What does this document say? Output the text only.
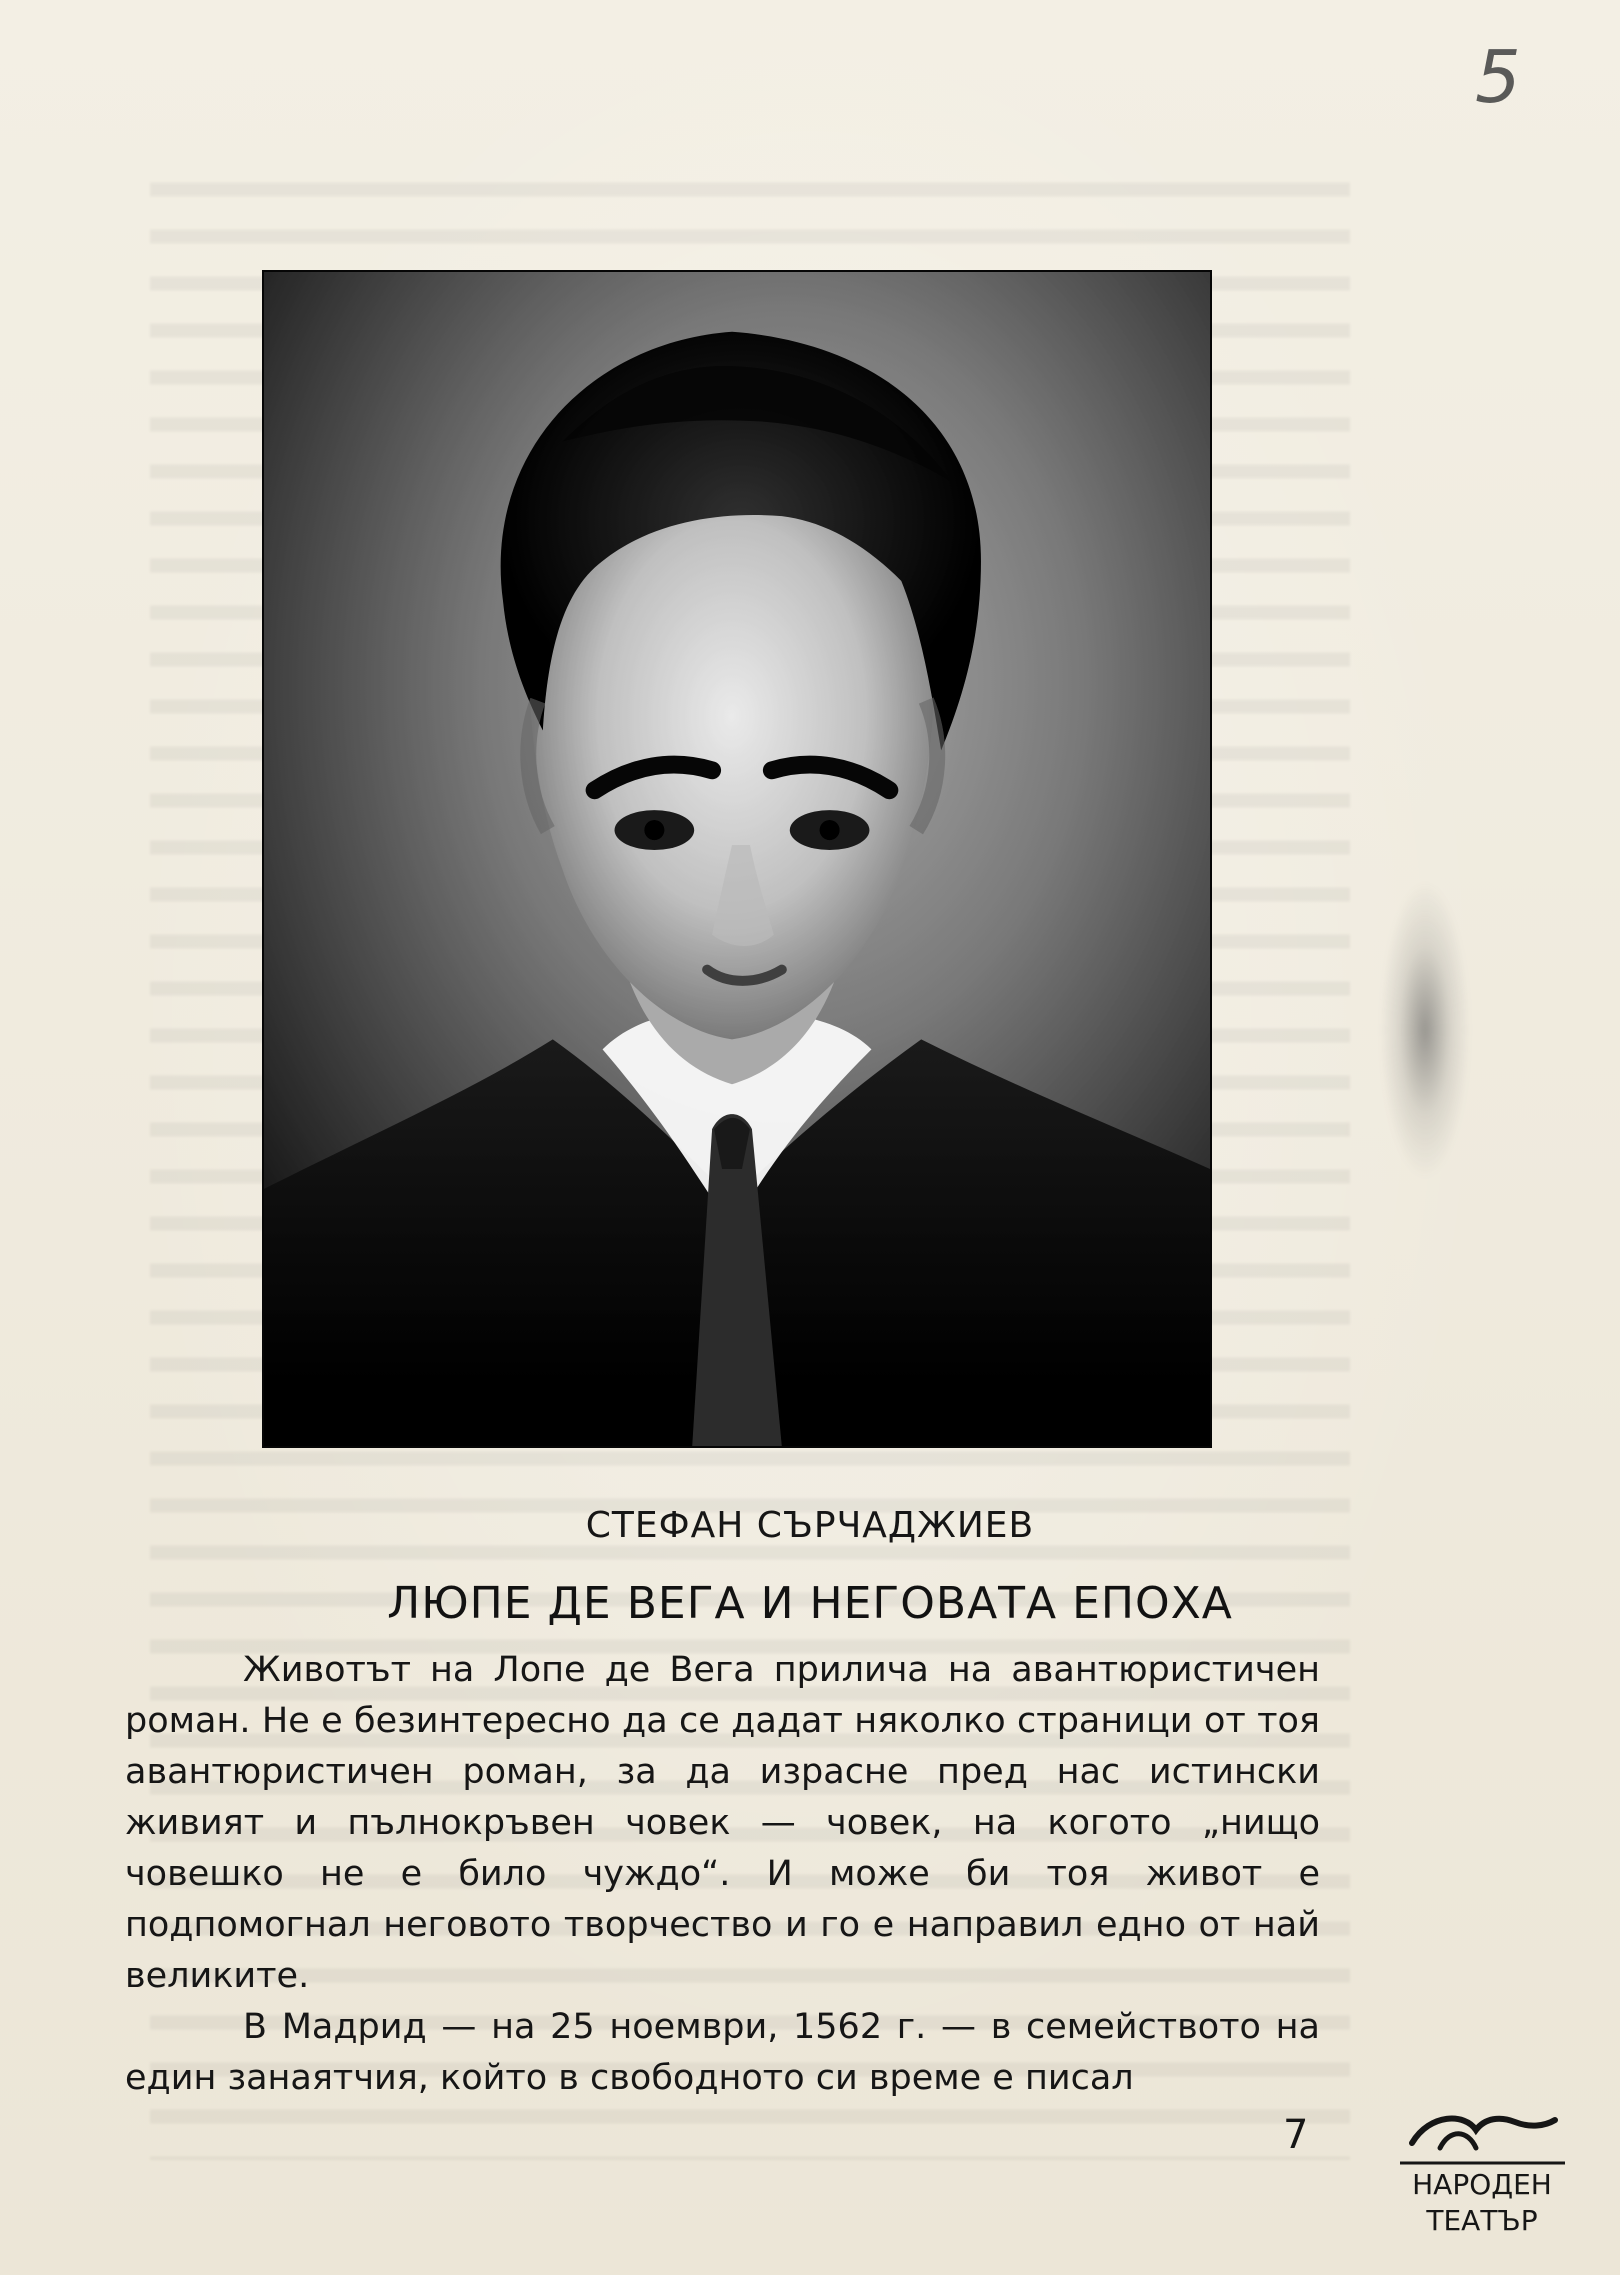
5
СТЕФАН СЪРЧАДЖИЕВ
ЛЮПЕ ДЕ ВЕГА И НЕГОВАТА ЕПОХА

Животът на Лопе де Вега прилича на авантюристичен роман. Не е безинтересно да се дадат няколко страници от тоя авантюристичен роман, за да израсне пред нас истински живият и пълнокръвен човек — човек, на когото „нищо човешко не е било чуждо“. И може би тоя живот е подпомогнал неговото творчество и го е направил едно от най великите.

В Мадрид — на 25 ноември, 1562 г. — в семейството на един занаятчия, който в свободното си време е писал

7
НАРОДЕН
ТЕАТЪР
